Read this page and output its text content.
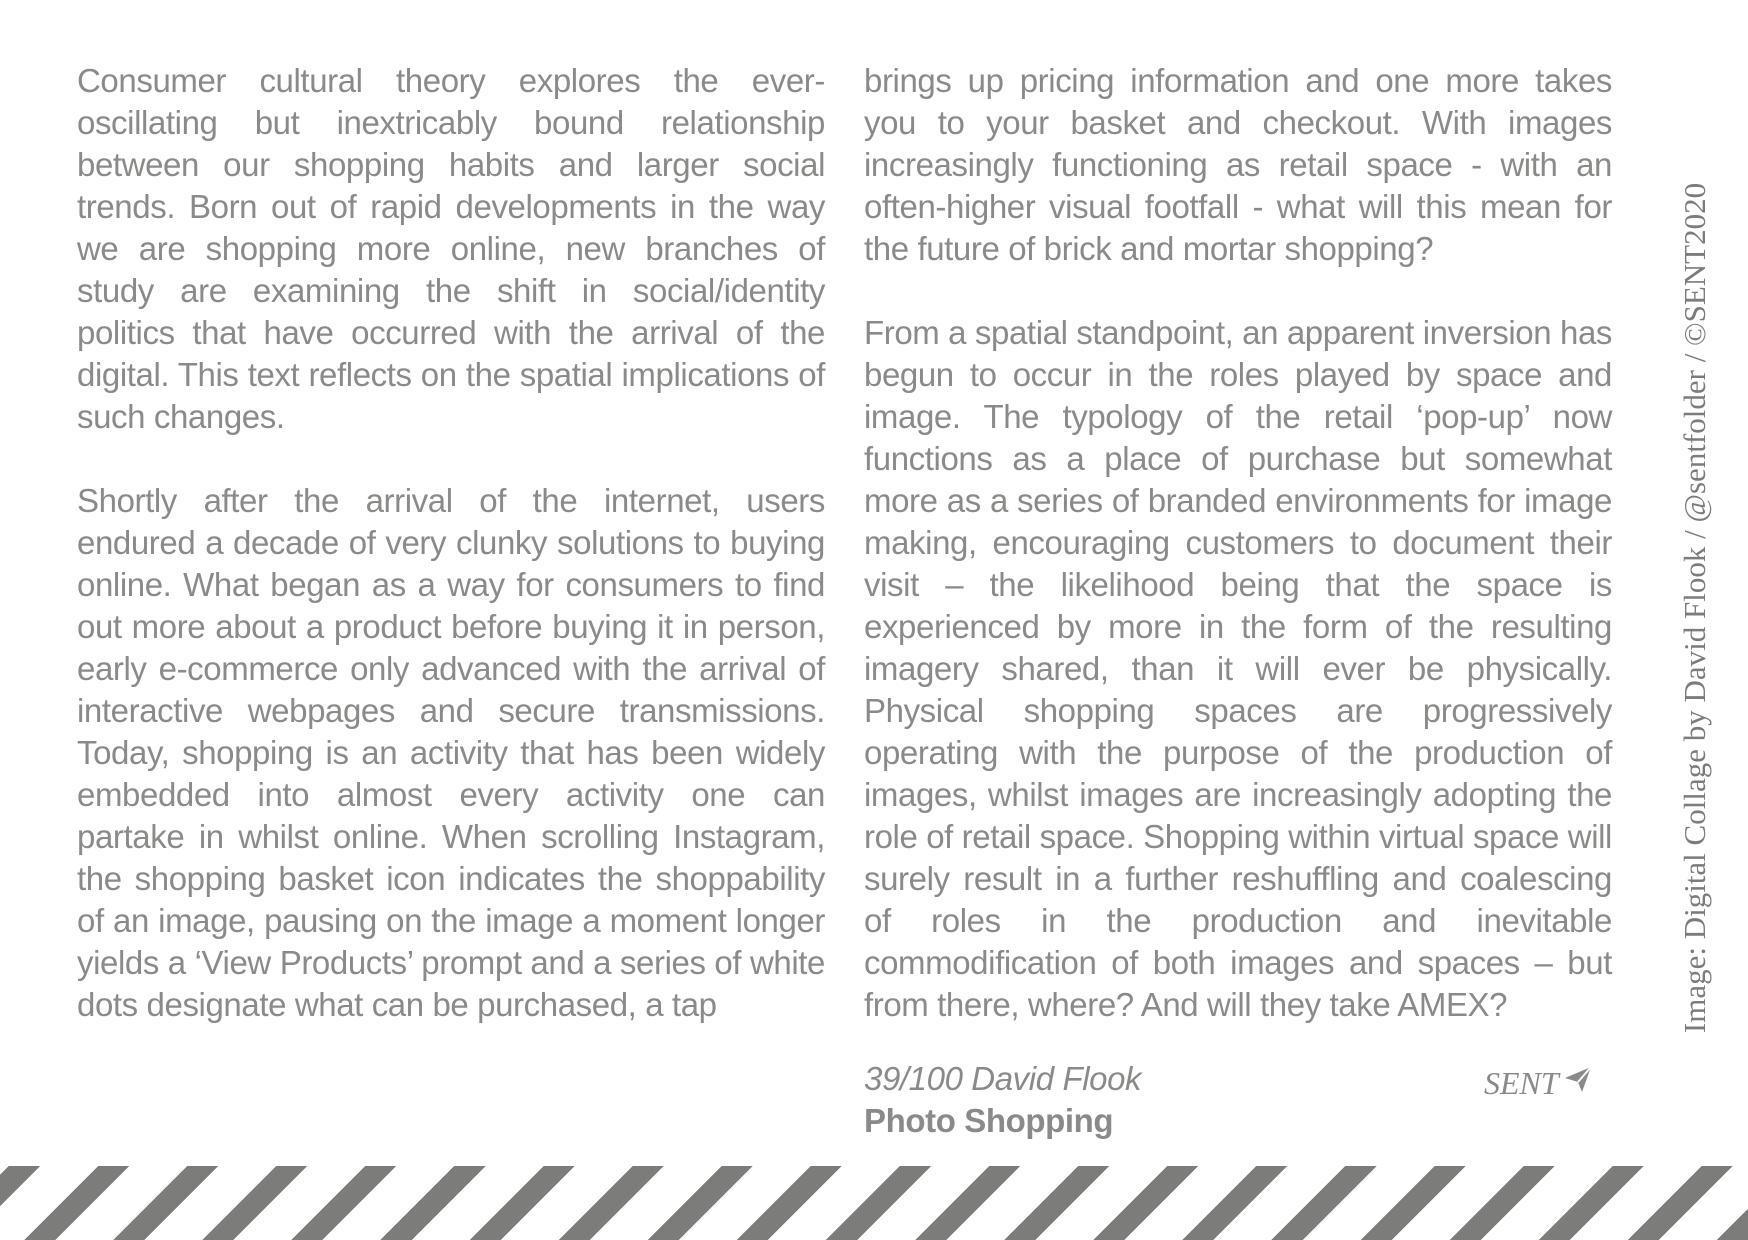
Consumer cultural theory explores the ever-oscillating but inextricably bound relationship between our shopping habits and larger social trends. Born out of rapid developments in the way we are shopping more online, new branches of study are examining the shift in social/identity politics that have occurred with the arrival of the digital. This text reflects on the spatial implications of such changes.

Shortly after the arrival of the internet, users endured a decade of very clunky solutions to buying online. What began as a way for consumers to find out more about a product before buying it in person, early e-commerce only advanced with the arrival of interactive webpages and secure transmissions. Today, shopping is an activity that has been widely embedded into almost every activity one can partake in whilst online. When scrolling Instagram, the shopping basket icon indicates the shoppability of an image, pausing on the image a moment longer yields a ‘View Products’ prompt and a series of white dots designate what can be purchased, a tap

brings up pricing information and one more takes you to your basket and checkout. With images increasingly functioning as retail space - with an often-higher visual footfall - what will this mean for the future of brick and mortar shopping?

From a spatial standpoint, an apparent inversion has begun to occur in the roles played by space and image. The typology of the retail ‘pop-up’ now functions as a place of purchase but somewhat more as a series of branded environments for image making, encouraging customers to document their visit – the likelihood being that the space is experienced by more in the form of the resulting imagery shared, than it will ever be physically. Physical shopping spaces are progressively operating with the purpose of the production of images, whilst images are increasingly adopting the role of retail space. Shopping within virtual space will surely result in a further reshuffling and coalescing of roles in the production and inevitable commodification of both images and spaces – but from there, where? And will they take AMEX?

39/100 David Flook
Photo Shopping
SENT
Image: Digital Collage by David Flook / @sentfolder / ©SENT2020
